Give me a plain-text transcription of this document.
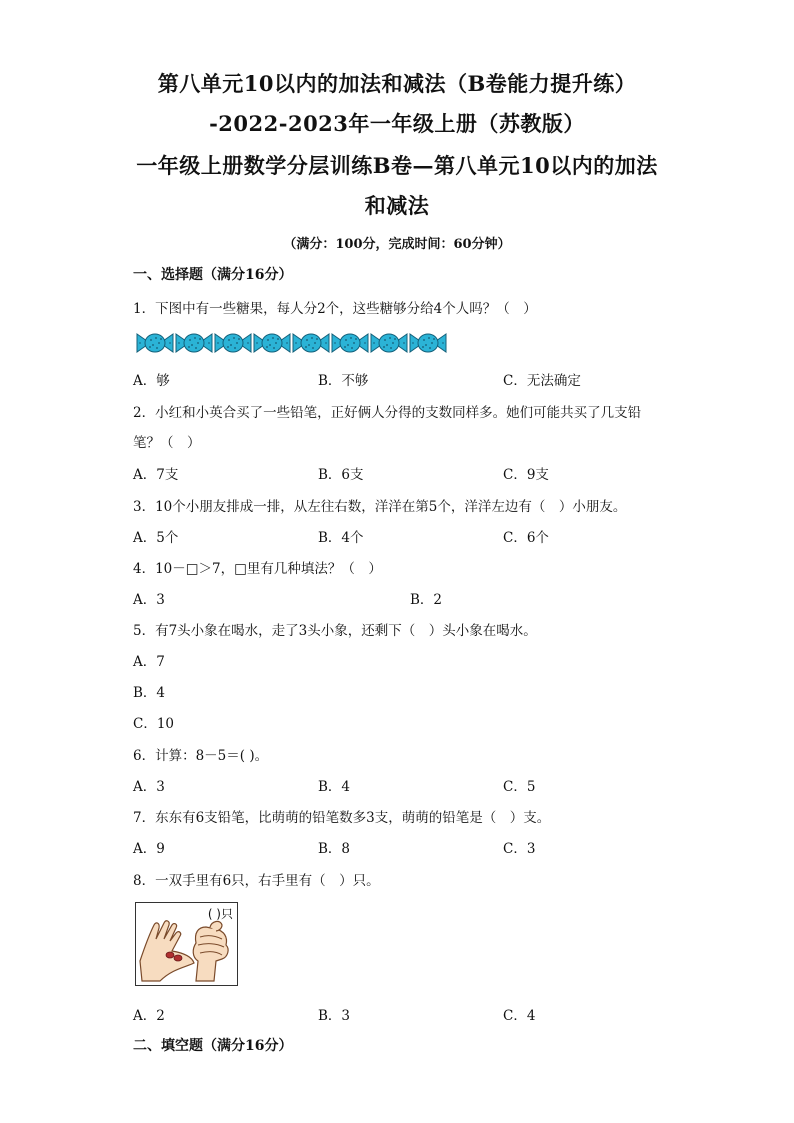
第八单元10以内的加法和减法（B卷能力提升练）
-2022-2023年一年级上册（苏教版）
一年级上册数学分层训练B卷—第八单元10以内的加法
和减法
（满分：100分，完成时间：60分钟）
一、选择题（满分16分）
1．下图中有一些糖果，每人分2个，这些糖够分给4个人吗？（　）
A．够	B．不够	C．无法确定
2．小红和小英合买了一些铅笔，正好俩人分得的支数同样多。她们可能共买了几支铅
笔？（　）
A．7支	B．6支	C．9支
3．10个小朋友排成一排，从左往右数，洋洋在第5个，洋洋左边有（　）小朋友。
A．5个	B．4个	C．6个
4．10－□＞7，□里有几种填法？（　）
A．3	B．2
5．有7头小象在喝水，走了3头小象，还剩下（　）头小象在喝水。
A．7
B．4
C．10
6．计算：8－5＝( )。
A．3	B．4	C．5
7．东东有6支铅笔，比萌萌的铅笔数多3支，萌萌的铅笔是（　）支。
A．9	B．8	C．3
8．一双手里有6只，右手里有（　）只。
( )只
A．2	B．3	C．4
二、填空题（满分16分）
